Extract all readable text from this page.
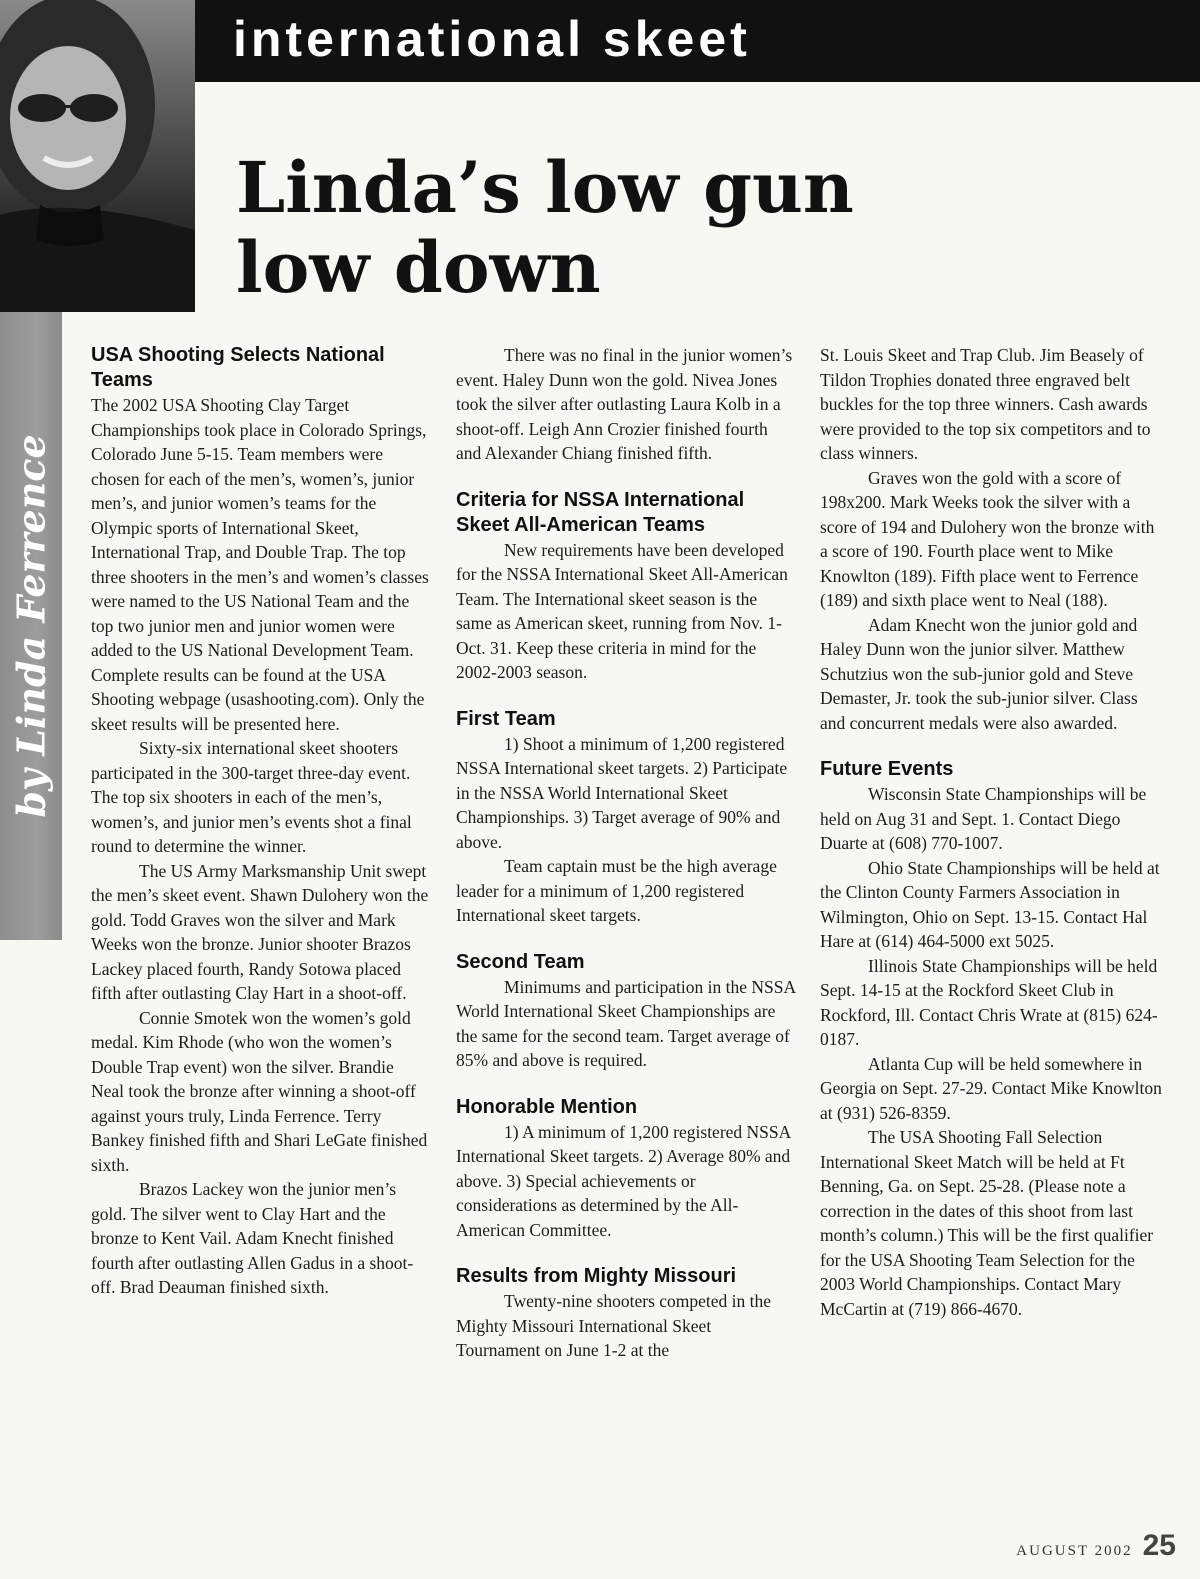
international skeet
Linda’s low gun
low down
by Linda Ferrence
USA Shooting Selects National Teams

The 2002 USA Shooting Clay Target Championships took place in Colorado Springs, Colorado June 5-15. Team members were chosen for each of the men’s, women’s, junior men’s, and junior women’s teams for the Olympic sports of International Skeet, International Trap, and Double Trap. The top three shooters in the men’s and women’s classes were named to the US National Team and the top two junior men and junior women were added to the US National Development Team. Complete results can be found at the USA Shooting webpage (usashooting.com). Only the skeet results will be presented here.

Sixty-six international skeet shooters participated in the 300-target three-day event. The top six shooters in each of the men’s, women’s, and junior men’s events shot a final round to determine the winner.

The US Army Marksmanship Unit swept the men’s skeet event. Shawn Dulohery won the gold. Todd Graves won the silver and Mark Weeks won the bronze. Junior shooter Brazos Lackey placed fourth, Randy Sotowa placed fifth after outlasting Clay Hart in a shoot-off.

Connie Smotek won the women’s gold medal. Kim Rhode (who won the women’s Double Trap event) won the silver. Brandie Neal took the bronze after winning a shoot-off against yours truly, Linda Ferrence. Terry Bankey finished fifth and Shari LeGate finished sixth.

Brazos Lackey won the junior men’s gold. The silver went to Clay Hart and the bronze to Kent Vail. Adam Knecht finished fourth after outlasting Allen Gadus in a shoot-off. Brad Deauman finished sixth.

There was no final in the junior women’s event. Haley Dunn won the gold. Nivea Jones took the silver after outlasting Laura Kolb in a shoot-off. Leigh Ann Crozier finished fourth and Alexander Chiang finished fifth.

Criteria for NSSA International Skeet All-American Teams

New requirements have been developed for the NSSA International Skeet All-American Team. The International skeet season is the same as American skeet, running from Nov. 1-Oct. 31. Keep these criteria in mind for the 2002-2003 season.

First Team

1) Shoot a minimum of 1,200 registered NSSA International skeet targets. 2) Participate in the NSSA World International Skeet Championships. 3) Target average of 90% and above.

Team captain must be the high average leader for a minimum of 1,200 registered International skeet targets.

Second Team

Minimums and participation in the NSSA World International Skeet Championships are the same for the second team. Target average of 85% and above is required.

Honorable Mention

1) A minimum of 1,200 registered NSSA International Skeet targets. 2) Average 80% and above. 3) Special achievements or considerations as determined by the All-American Committee.

Results from Mighty Missouri

Twenty-nine shooters competed in the Mighty Missouri International Skeet Tournament on June 1-2 at the

St. Louis Skeet and Trap Club. Jim Beasely of Tildon Trophies donated three engraved belt buckles for the top three winners. Cash awards were provided to the top six competitors and to class winners.

Graves won the gold with a score of 198x200. Mark Weeks took the silver with a score of 194 and Dulohery won the bronze with a score of 190. Fourth place went to Mike Knowlton (189). Fifth place went to Ferrence (189) and sixth place went to Neal (188).

Adam Knecht won the junior gold and Haley Dunn won the junior silver. Matthew Schutzius won the sub-junior gold and Steve Demaster, Jr. took the sub-junior silver. Class and concurrent medals were also awarded.

Future Events

Wisconsin State Championships will be held on Aug 31 and Sept. 1. Contact Diego Duarte at (608) 770-1007.

Ohio State Championships will be held at the Clinton County Farmers Association in Wilmington, Ohio on Sept. 13-15. Contact Hal Hare at (614) 464-5000 ext 5025.

Illinois State Championships will be held Sept. 14-15 at the Rockford Skeet Club in Rockford, Ill. Contact Chris Wrate at (815) 624-0187.

Atlanta Cup will be held somewhere in Georgia on Sept. 27-29. Contact Mike Knowlton at (931) 526-8359.

The USA Shooting Fall Selection International Skeet Match will be held at Ft Benning, Ga. on Sept. 25-28. (Please note a correction in the dates of this shoot from last month’s column.) This will be the first qualifier for the USA Shooting Team Selection for the 2003 World Championships. Contact Mary McCartin at (719) 866-4670.

AUGUST 2002 25
